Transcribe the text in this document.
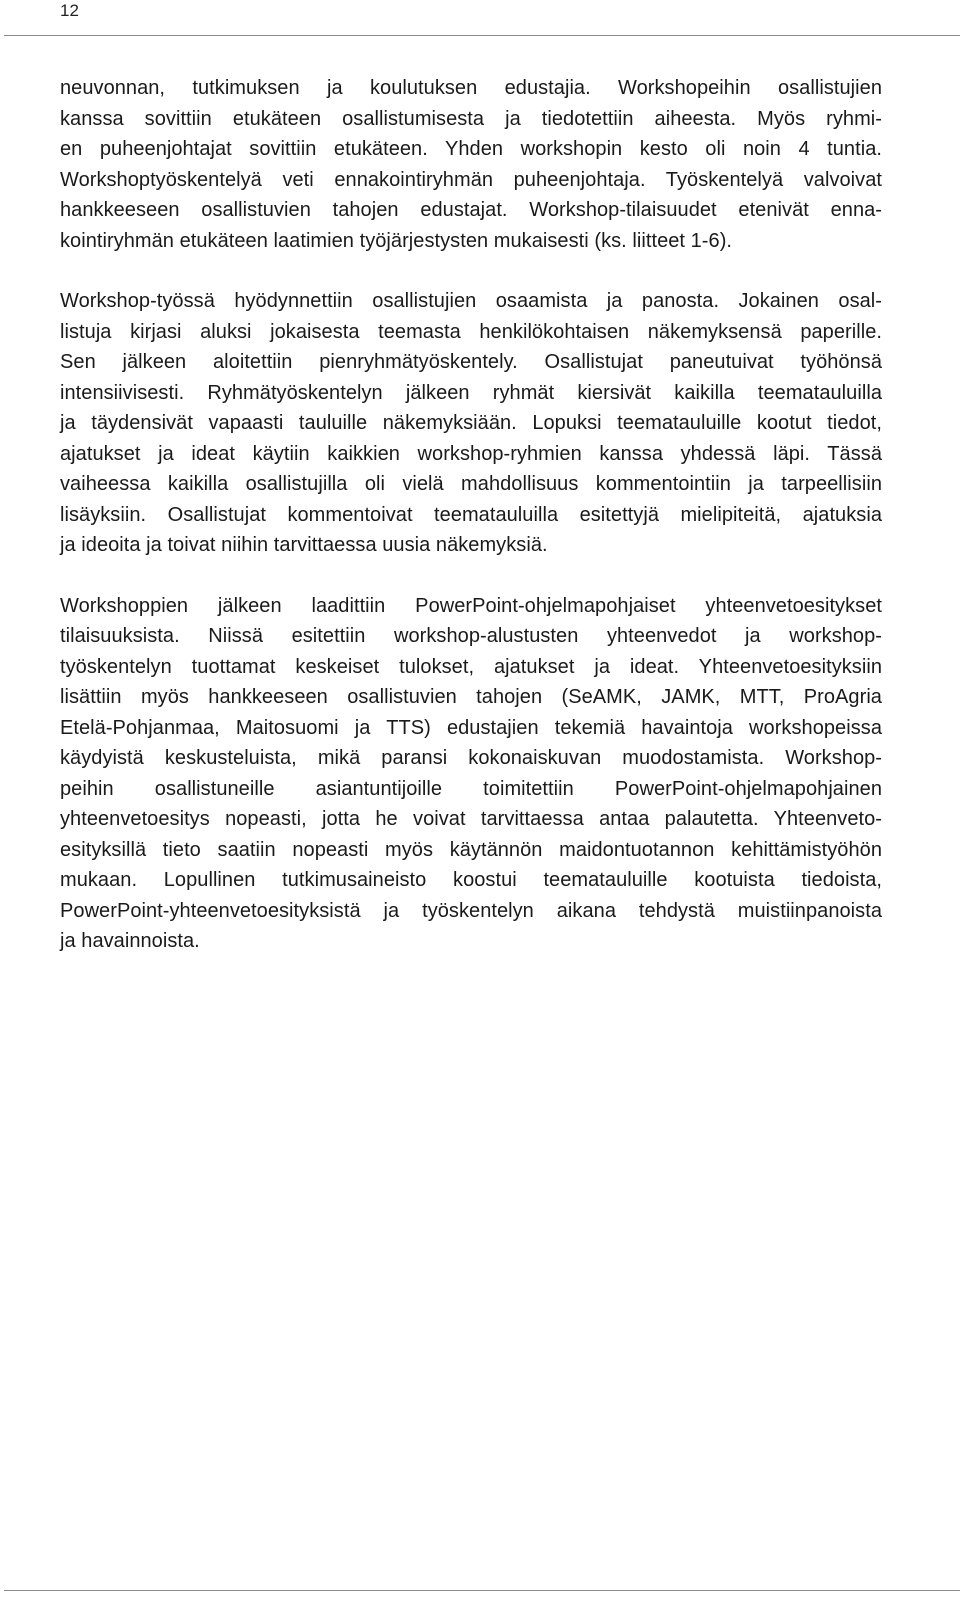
12

neuvonnan, tutkimuksen ja koulutuksen edustajia. Workshopeihin osallistujien
kanssa sovittiin etukäteen osallistumisesta ja tiedotettiin aiheesta. Myös ryhmi-
en puheenjohtajat sovittiin etukäteen. Yhden workshopin kesto oli noin 4 tuntia.
Workshoptyöskentelyä veti ennakointiryhmän puheenjohtaja. Työskentelyä valvoivat
hankkeeseen osallistuvien tahojen edustajat. Workshop-tilaisuudet etenivät enna-
kointiryhmän etukäteen laatimien työjärjestysten mukaisesti (ks. liitteet 1-6).

Workshop-työssä hyödynnettiin osallistujien osaamista ja panosta. Jokainen osal-
listuja kirjasi aluksi jokaisesta teemasta henkilökohtaisen näkemyksensä paperille.
Sen jälkeen aloitettiin pienryhmätyöskentely. Osallistujat paneutuivat työhönsä
intensiivisesti. Ryhmätyöskentelyn jälkeen ryhmät kiersivät kaikilla teematauluilla
ja täydensivät vapaasti tauluille näkemyksiään. Lopuksi teematauluille kootut tiedot,
ajatukset ja ideat käytiin kaikkien workshop-ryhmien kanssa yhdessä läpi. Tässä
vaiheessa kaikilla osallistujilla oli vielä mahdollisuus kommentointiin ja tarpeellisiin
lisäyksiin. Osallistujat kommentoivat teematauluilla esitettyjä mielipiteitä, ajatuksia
ja ideoita ja toivat niihin tarvittaessa uusia näkemyksiä.

Workshoppien jälkeen laadittiin PowerPoint-ohjelmapohjaiset yhteenvetoesitykset
tilaisuuksista. Niissä esitettiin workshop-alustusten yhteenvedot ja workshop-
työskentelyn tuottamat keskeiset tulokset, ajatukset ja ideat. Yhteenvetoesityksiin
lisättiin myös hankkeeseen osallistuvien tahojen (SeAMK, JAMK, MTT, ProAgria
Etelä-Pohjanmaa, Maitosuomi ja TTS) edustajien tekemiä havaintoja workshopeissa
käydyistä keskusteluista, mikä paransi kokonaiskuvan muodostamista. Workshop-
peihin osallistuneille asiantuntijoille toimitettiin PowerPoint-ohjelmapohjainen
yhteenvetoesitys nopeasti, jotta he voivat tarvittaessa antaa palautetta. Yhteenveto-
esityksillä tieto saatiin nopeasti myös käytännön maidontuotannon kehittämistyöhön
mukaan. Lopullinen tutkimusaineisto koostui teematauluille kootuista tiedoista,
PowerPoint-yhteenvetoesityksistä ja työskentelyn aikana tehdystä muistiinpanoista
ja havainnoista.
